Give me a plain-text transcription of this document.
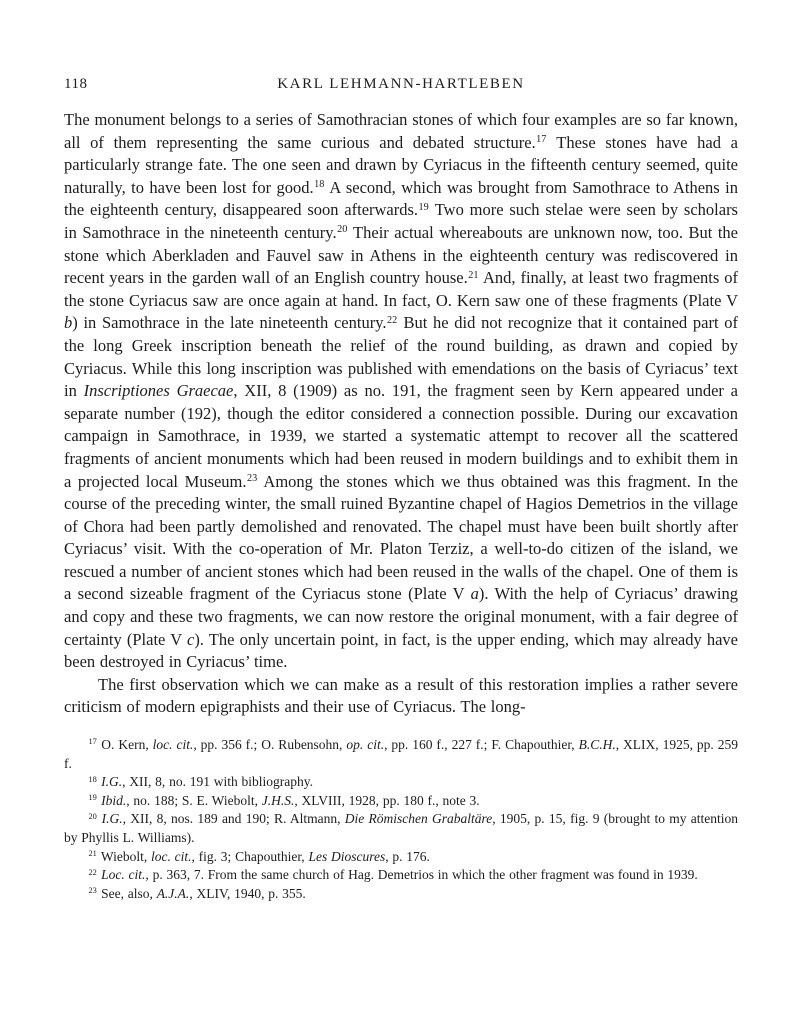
118	KARL LEHMANN-HARTLEBEN

The monument belongs to a series of Samothracian stones of which four examples are so far known, all of them representing the same curious and debated structure.$^{17}$ These stones have had a particularly strange fate. The one seen and drawn by Cyriacus in the fifteenth century seemed, quite naturally, to have been lost for good.$^{18}$ A second, which was brought from Samothrace to Athens in the eighteenth century, disappeared soon afterwards.$^{19}$ Two more such stelae were seen by scholars in Samothrace in the nineteenth century.$^{20}$ Their actual whereabouts are unknown now, too. But the stone which Aberkladen and Fauvel saw in Athens in the eighteenth century was rediscovered in recent years in the garden wall of an English country house.$^{21}$ And, finally, at least two fragments of the stone Cyriacus saw are once again at hand. In fact, O. Kern saw one of these fragments (Plate V b) in Samothrace in the late nineteenth century.$^{22}$ But he did not recognize that it contained part of the long Greek inscription beneath the relief of the round building, as drawn and copied by Cyriacus. While this long inscription was published with emendations on the basis of Cyriacus’ text in Inscriptiones Graecae, XII, 8 (1909) as no. 191, the fragment seen by Kern appeared under a separate number (192), though the editor considered a connection possible. During our excavation campaign in Samothrace, in 1939, we started a systematic attempt to recover all the scattered fragments of ancient monuments which had been reused in modern buildings and to exhibit them in a projected local Museum.$^{23}$ Among the stones which we thus obtained was this fragment. In the course of the preceding winter, the small ruined Byzantine chapel of Hagios Demetrios in the village of Chora had been partly demolished and renovated. The chapel must have been built shortly after Cyriacus’ visit. With the co-operation of Mr. Platon Terziz, a well-to-do citizen of the island, we rescued a number of ancient stones which had been reused in the walls of the chapel. One of them is a second sizeable fragment of the Cyriacus stone (Plate V a). With the help of Cyriacus’ drawing and copy and these two fragments, we can now restore the original monument, with a fair degree of certainty (Plate V c). The only uncertain point, in fact, is the upper ending, which may already have been destroyed in Cyriacus’ time.

The first observation which we can make as a result of this restoration implies a rather severe criticism of modern epigraphists and their use of Cyriacus. The long-

$^{17}$ O. Kern, loc. cit., pp. 356 f.; O. Rubensohn, op. cit., pp. 160 f., 227 f.; F. Chapouthier, B.C.H., XLIX, 1925, pp. 259 f.

$^{18}$ I.G., XII, 8, no. 191 with bibliography.

$^{19}$ Ibid., no. 188; S. E. Wiebolt, J.H.S., XLVIII, 1928, pp. 180 f., note 3.

$^{20}$ I.G., XII, 8, nos. 189 and 190; R. Altmann, Die Römischen Grabaltäre, 1905, p. 15, fig. 9 (brought to my attention by Phyllis L. Williams).

$^{21}$ Wiebolt, loc. cit., fig. 3; Chapouthier, Les Dioscures, p. 176.

$^{22}$ Loc. cit., p. 363, 7. From the same church of Hag. Demetrios in which the other fragment was found in 1939.

$^{23}$ See, also, A.J.A., XLIV, 1940, p. 355.
